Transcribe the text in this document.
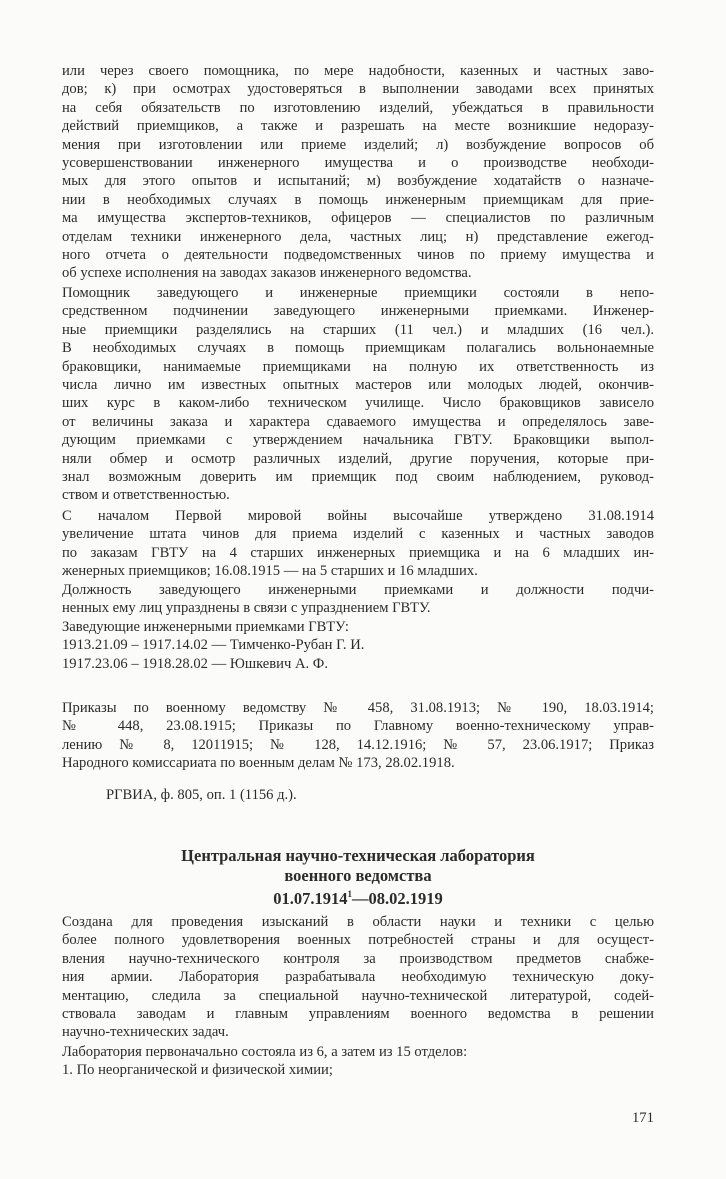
или через своего помощника, по мере надобности, казенных и частных заво-
дов; к) при осмотрах удостоверяться в выполнении заводами всех принятых
на себя обязательств по изготовлению изделий, убеждаться в правильности
действий приемщиков, а также и разрешать на месте возникшие недоразу-
мения при изготовлении или приеме изделий; л) возбуждение вопросов об
усовершенствовании инженерного имущества и о производстве необходи-
мых для этого опытов и испытаний; м) возбуждение ходатайств о назначе-
нии в необходимых случаях в помощь инженерным приемщикам для прие-
ма имущества экспертов-техников, офицеров — специалистов по различным
отделам техники инженерного дела, частных лиц; н) представление ежегод-
ного отчета о деятельности подведомственных чинов по приему имущества и
об успехе исполнения на заводах заказов инженерного ведомства.
Помощник заведующего и инженерные приемщики состояли в непо-
средственном подчинении заведующего инженерными приемками. Инженер-
ные приемщики разделялись на старших (11 чел.) и младших (16 чел.).
В необходимых случаях в помощь приемщикам полагались вольнонаемные
браковщики, нанимаемые приемщиками на полную их ответственность из
числа лично им известных опытных мастеров или молодых людей, окончив-
ших курс в каком-либо техническом училище. Число браковщиков зависело
от величины заказа и характера сдаваемого имущества и определялось заве-
дующим приемками с утверждением начальника ГВТУ. Браковщики выпол-
няли обмер и осмотр различных изделий, другие поручения, которые при-
знал возможным доверить им приемщик под своим наблюдением, руковод-
ством и ответственностью.
С началом Первой мировой войны высочайше утверждено 31.08.1914
увеличение штата чинов для приема изделий с казенных и частных заводов
по заказам ГВТУ на 4 старших инженерных приемщика и на 6 младших ин-
женерных приемщиков; 16.08.1915 — на 5 старших и 16 младших.
Должность заведующего инженерными приемками и должности подчи-
ненных ему лиц упразднены в связи с упразднением ГВТУ.
Заведующие инженерными приемками ГВТУ:
1913.21.09 – 1917.14.02 — Тимченко-Рубан Г. И.
1917.23.06 – 1918.28.02 — Юшкевич А. Ф.
Приказы по военному ведомству № 458, 31.08.1913; № 190, 18.03.1914;
№ 448, 23.08.1915; Приказы по Главному военно-техническому управ-
лению № 8, 12011915; № 128, 14.12.1916; № 57, 23.06.1917; Приказ
Народного комиссариата по военным делам № 173, 28.02.1918.
РГВИА, ф. 805, оп. 1 (1156 д.).
Центральная научно-техническая лаборатория
военного ведомства
01.07.1914$^1$—08.02.1919
Создана для проведения изысканий в области науки и техники с целью
более полного удовлетворения военных потребностей страны и для осущест-
вления научно-технического контроля за производством предметов снабже-
ния армии. Лаборатория разрабатывала необходимую техническую доку-
ментацию, следила за специальной научно-технической литературой, содей-
ствовала заводам и главным управлениям военного ведомства в решении
научно-технических задач.
Лаборатория первоначально состояла из 6, а затем из 15 отделов:
1. По неорганической и физической химии;
171
